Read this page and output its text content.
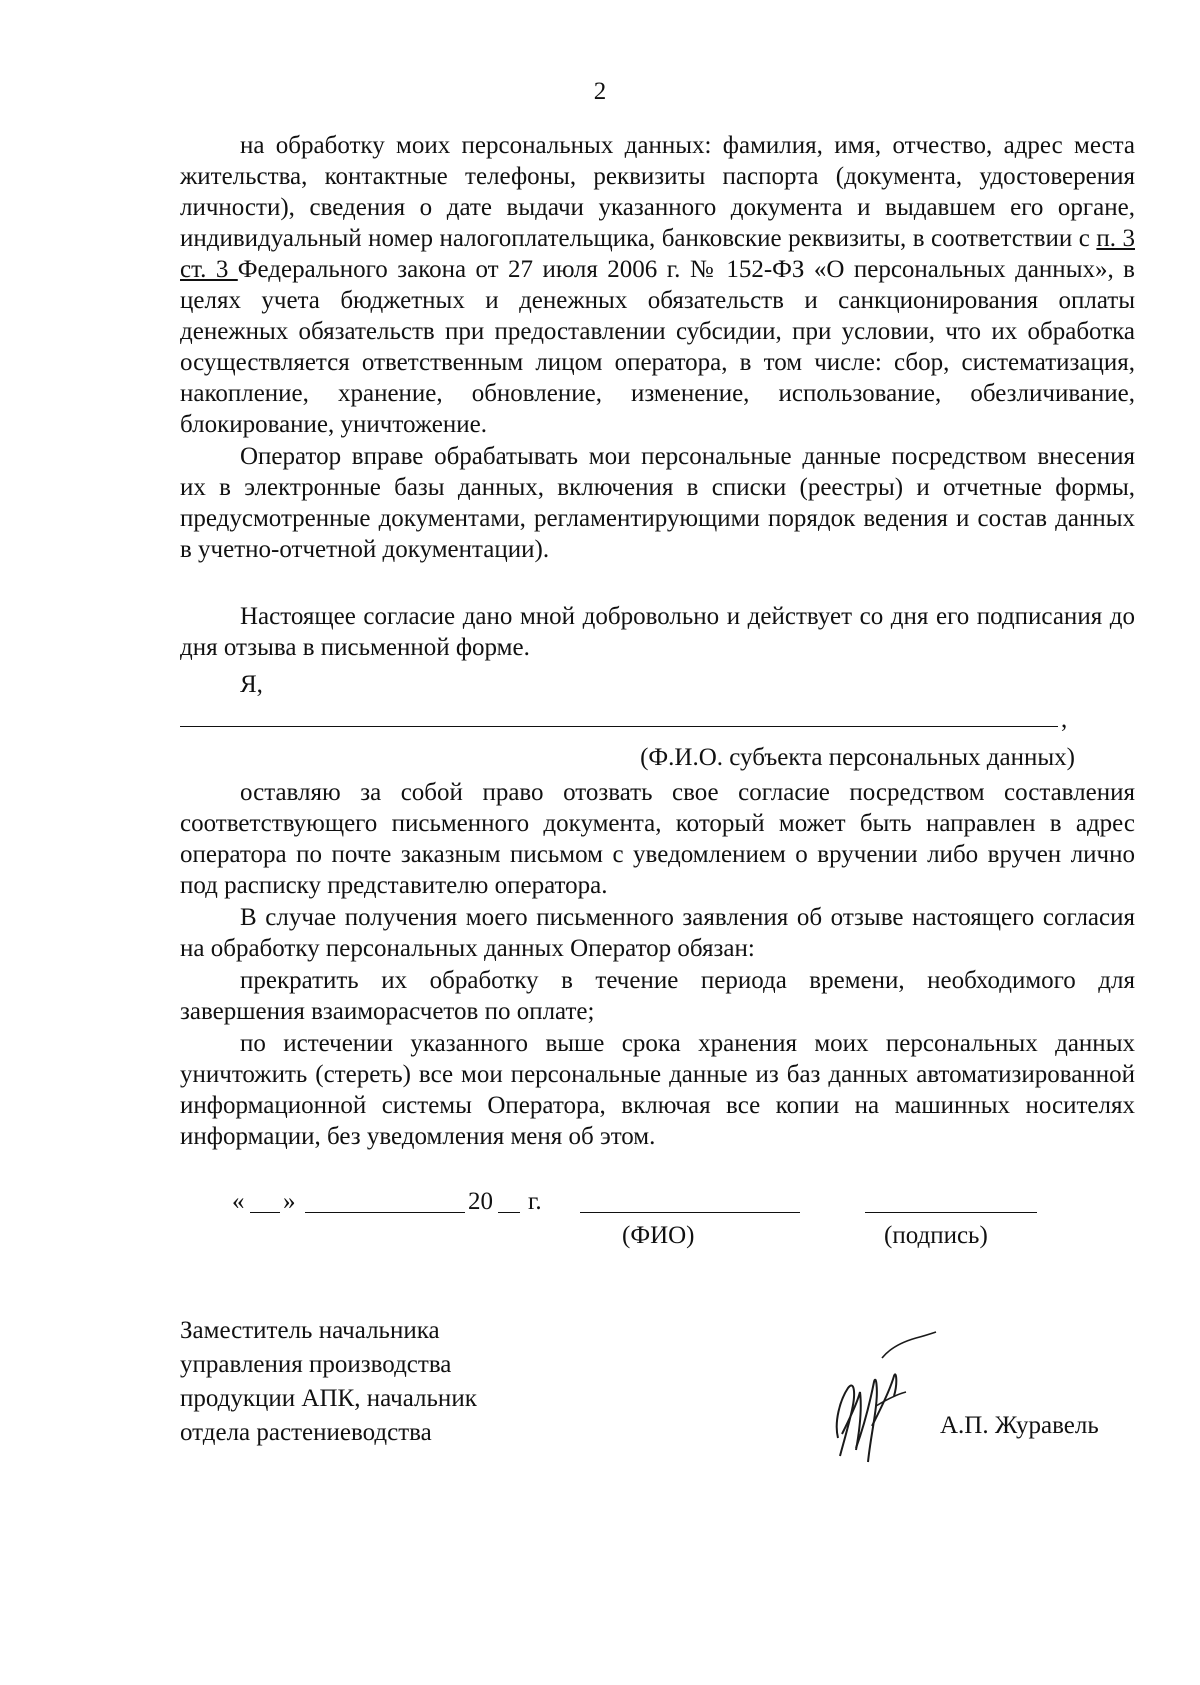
2

на обработку моих персональных данных: фамилия, имя, отчество, адрес места жительства, контактные телефоны, реквизиты паспорта (документа, удостоверения личности), сведения о дате выдачи указанного документа и выдавшем его органе, индивидуальный номер налогоплательщика, банковские реквизиты, в соответствии с п. 3 ст. 3 Федерального закона от 27 июля 2006 г. № 152-ФЗ «О персональных данных», в целях учета бюджетных и денежных обязательств и санкционирования оплаты денежных обязательств при предоставлении субсидии, при условии, что их обработка осуществляется ответственным лицом оператора, в том числе: сбор, систематизация, накопление, хранение, обновление, изменение, использование, обезличивание, блокирование, уничтожение.

Оператор вправе обрабатывать мои персональные данные посредством внесения их в электронные базы данных, включения в списки (реестры) и отчетные формы, предусмотренные документами, регламентирующими порядок ведения и состав данных в учетно-отчетной документации).

Настоящее согласие дано мной добровольно и действует со дня его подписания до дня отзыва в письменной форме.

Я,

,

(Ф.И.О. субъекта персональных данных)

оставляю за собой право отозвать свое согласие посредством составления соответствующего письменного документа, который может быть направлен в адрес оператора по почте заказным письмом с уведомлением о вручении либо вручен лично под расписку представителю оператора.

В случае получения моего письменного заявления об отзыве настоящего согласия на обработку персональных данных Оператор обязан:

прекратить их обработку в течение периода времени, необходимого для завершения взаиморасчетов по оплате;

по истечении указанного выше срока хранения моих персональных данных уничтожить (стереть) все мои персональные данные из баз данных автоматизированной информационной системы Оператора, включая все копии на машинных носителях информации, без уведомления меня об этом.

« »	20 г.
(ФИО)	(подпись)
Заместитель начальника
управления производства
продукции АПК, начальник
отдела растениеводства	А.П. Журавель
